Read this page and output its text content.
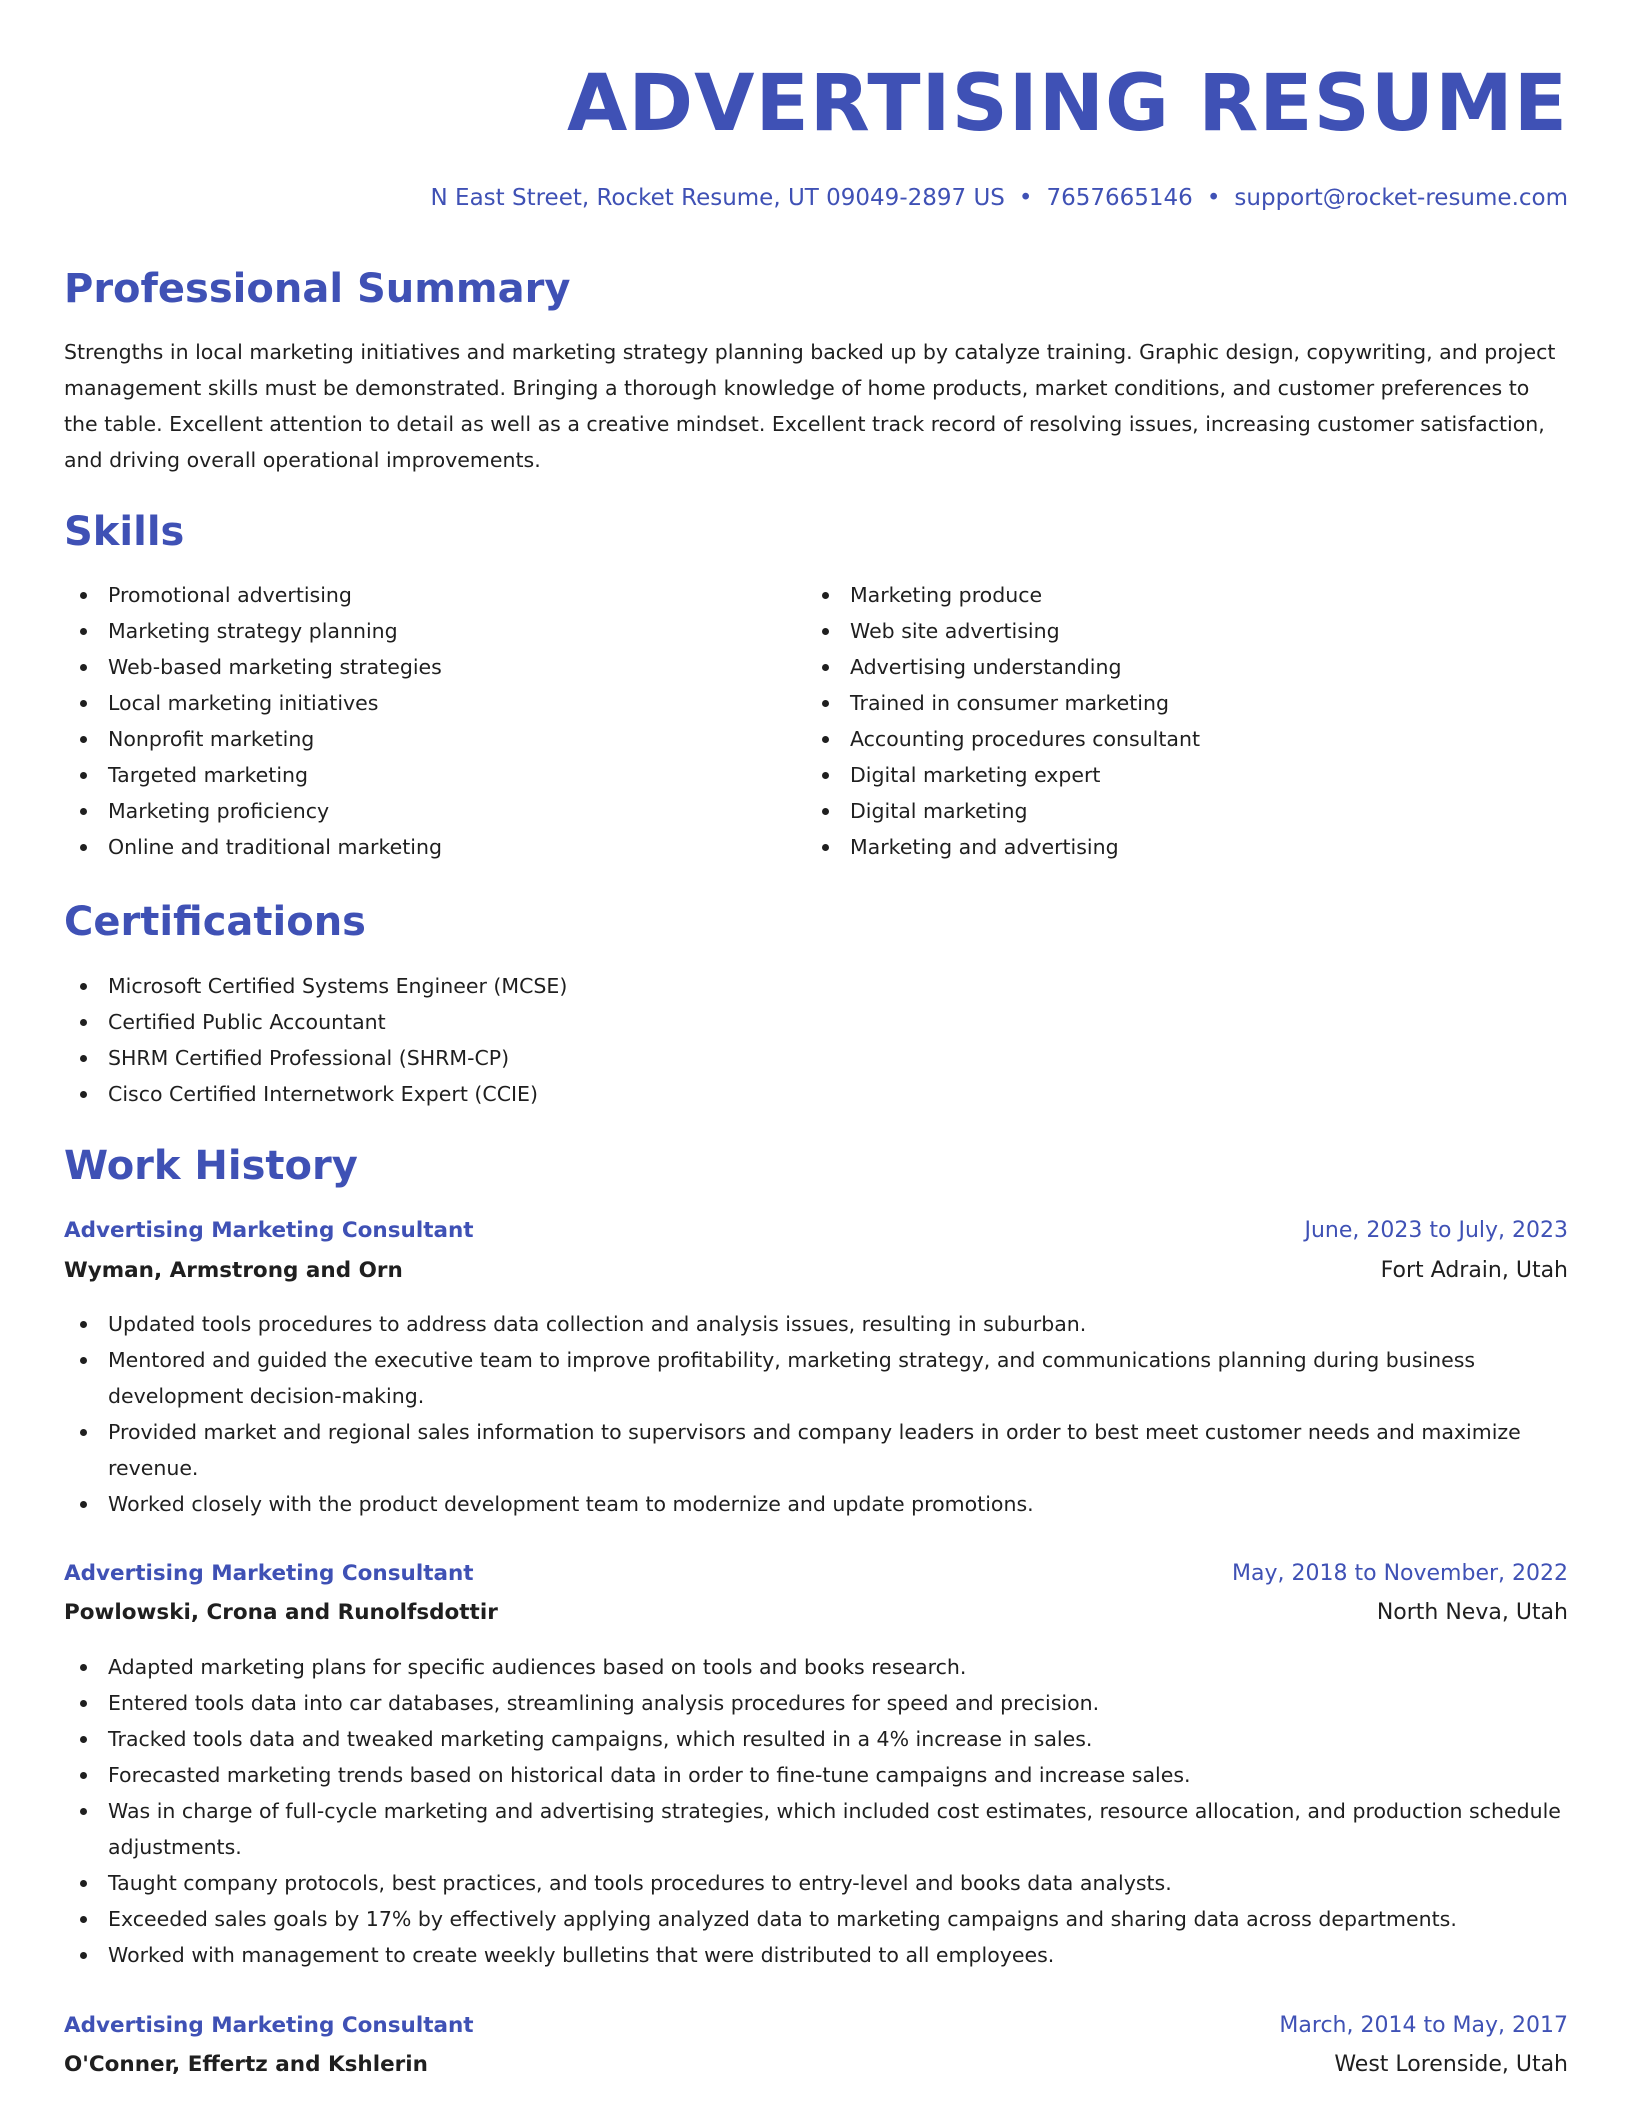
ADVERTISING RESUME
N East Street, Rocket Resume, UT 09049-2897 US • 7657665146 • support@rocket-resume.com
Professional Summary

Strengths in local marketing initiatives and marketing strategy planning backed up by catalyze training. Graphic design, copywriting, and project management skills must be demonstrated. Bringing a thorough knowledge of home products, market conditions, and customer preferences to the table. Excellent attention to detail as well as a creative mindset. Excellent track record of resolving issues, increasing customer satisfaction, and driving overall operational improvements.

Skills
Promotional advertising
Marketing strategy planning
Web-based marketing strategies
Local marketing initiatives
Nonprofit marketing
Targeted marketing
Marketing proficiency
Online and traditional marketing
Marketing produce
Web site advertising
Advertising understanding
Trained in consumer marketing
Accounting procedures consultant
Digital marketing expert
Digital marketing
Marketing and advertising
Certifications
Microsoft Certified Systems Engineer (MCSE)
Certified Public Accountant
SHRM Certified Professional (SHRM-CP)
Cisco Certified Internetwork Expert (CCIE)
Work History
Advertising Marketing Consultant	June, 2023 to July, 2023
Wyman, Armstrong and Orn	Fort Adrain, Utah
Updated tools procedures to address data collection and analysis issues, resulting in suburban.
Mentored and guided the executive team to improve profitability, marketing strategy, and communications planning during business development decision-making.
Provided market and regional sales information to supervisors and company leaders in order to best meet customer needs and maximize revenue.
Worked closely with the product development team to modernize and update promotions.
Advertising Marketing Consultant	May, 2018 to November, 2022
Powlowski, Crona and Runolfsdottir	North Neva, Utah
Adapted marketing plans for specific audiences based on tools and books research.
Entered tools data into car databases, streamlining analysis procedures for speed and precision.
Tracked tools data and tweaked marketing campaigns, which resulted in a 4% increase in sales.
Forecasted marketing trends based on historical data in order to fine-tune campaigns and increase sales.
Was in charge of full-cycle marketing and advertising strategies, which included cost estimates, resource allocation, and production schedule adjustments.
Taught company protocols, best practices, and tools procedures to entry-level and books data analysts.
Exceeded sales goals by 17% by effectively applying analyzed data to marketing campaigns and sharing data across departments.
Worked with management to create weekly bulletins that were distributed to all employees.
Advertising Marketing Consultant	March, 2014 to May, 2017
O'Conner, Effertz and Kshlerin	West Lorenside, Utah
